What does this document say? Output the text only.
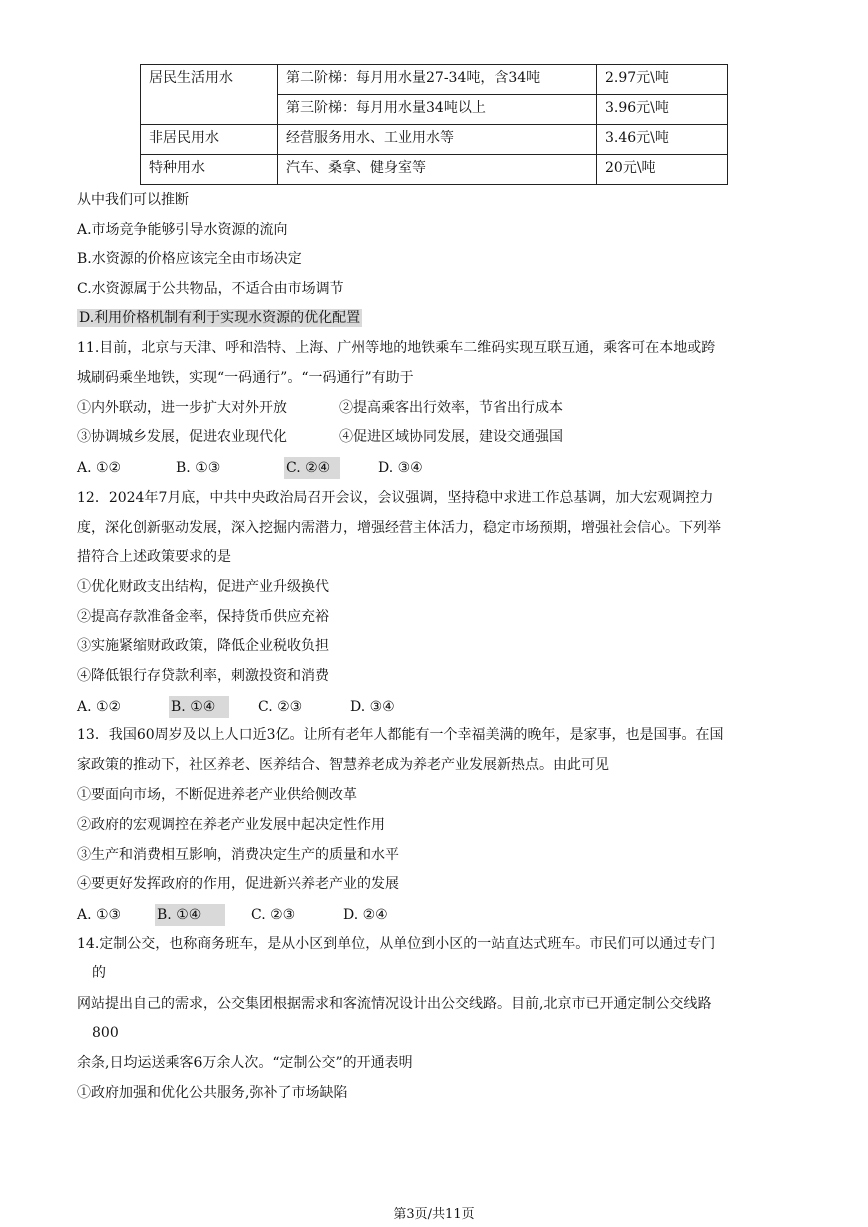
居民生活用水	第二阶梯：每月用水量27-34吨，含34吨	2.97元\吨
	第三阶梯：每月用水量34吨以上	3.96元\吨
非居民用水	经营服务用水、工业用水等	3.46元\吨
特种用水	汽车、桑拿、健身室等	20元\吨
从中我们可以推断
A.市场竞争能够引导水资源的流向
B.水资源的价格应该完全由市场决定
C.水资源属于公共物品，不适合由市场调节
D.利用价格机制有利于实现水资源的优化配置
11.目前，北京与天津、呼和浩特、上海、广州等地的地铁乘车二维码实现互联互通，乘客可在本地或跨
城刷码乘坐地铁，实现“一码通行”。“一码通行”有助于
①内外联动，进一步扩大对外开放	②提高乘客出行效率，节省出行成本
③协调城乡发展，促进农业现代化	④促进区域协同发展，建设交通强国
A. ①②	B. ①③	C. ②④	D. ③④
12．2024年7月底，中共中央政治局召开会议，会议强调，坚持稳中求进工作总基调，加大宏观调控力
度，深化创新驱动发展，深入挖掘内需潜力，增强经营主体活力，稳定市场预期，增强社会信心。下列举
措符合上述政策要求的是
①优化财政支出结构，促进产业升级换代
②提高存款准备金率，保持货币供应充裕
③实施紧缩财政政策，降低企业税收负担
④降低银行存贷款利率，刺激投资和消费
A. ①②	B. ①④	C. ②③	D. ③④
13．我国60周岁及以上人口近3亿。让所有老年人都能有一个幸福美满的晚年，是家事，也是国事。在国
家政策的推动下，社区养老、医养结合、智慧养老成为养老产业发展新热点。由此可见
①要面向市场，不断促进养老产业供给侧改革
②政府的宏观调控在养老产业发展中起决定性作用
③生产和消费相互影响，消费决定生产的质量和水平
④要更好发挥政府的作用，促进新兴养老产业的发展
A. ①③	B. ①④	C. ②③	D. ②④
14.定制公交，也称商务班车，是从小区到单位，从单位到小区的一站直达式班车。市民们可以通过专门
的
网站提出自己的需求，公交集团根据需求和客流情况设计出公交线路。目前,北京市已开通定制公交线路
800
余条,日均运送乘客6万余人次。“定制公交”的开通表明
①政府加强和优化公共服务,弥补了市场缺陷
第3页/共11页
